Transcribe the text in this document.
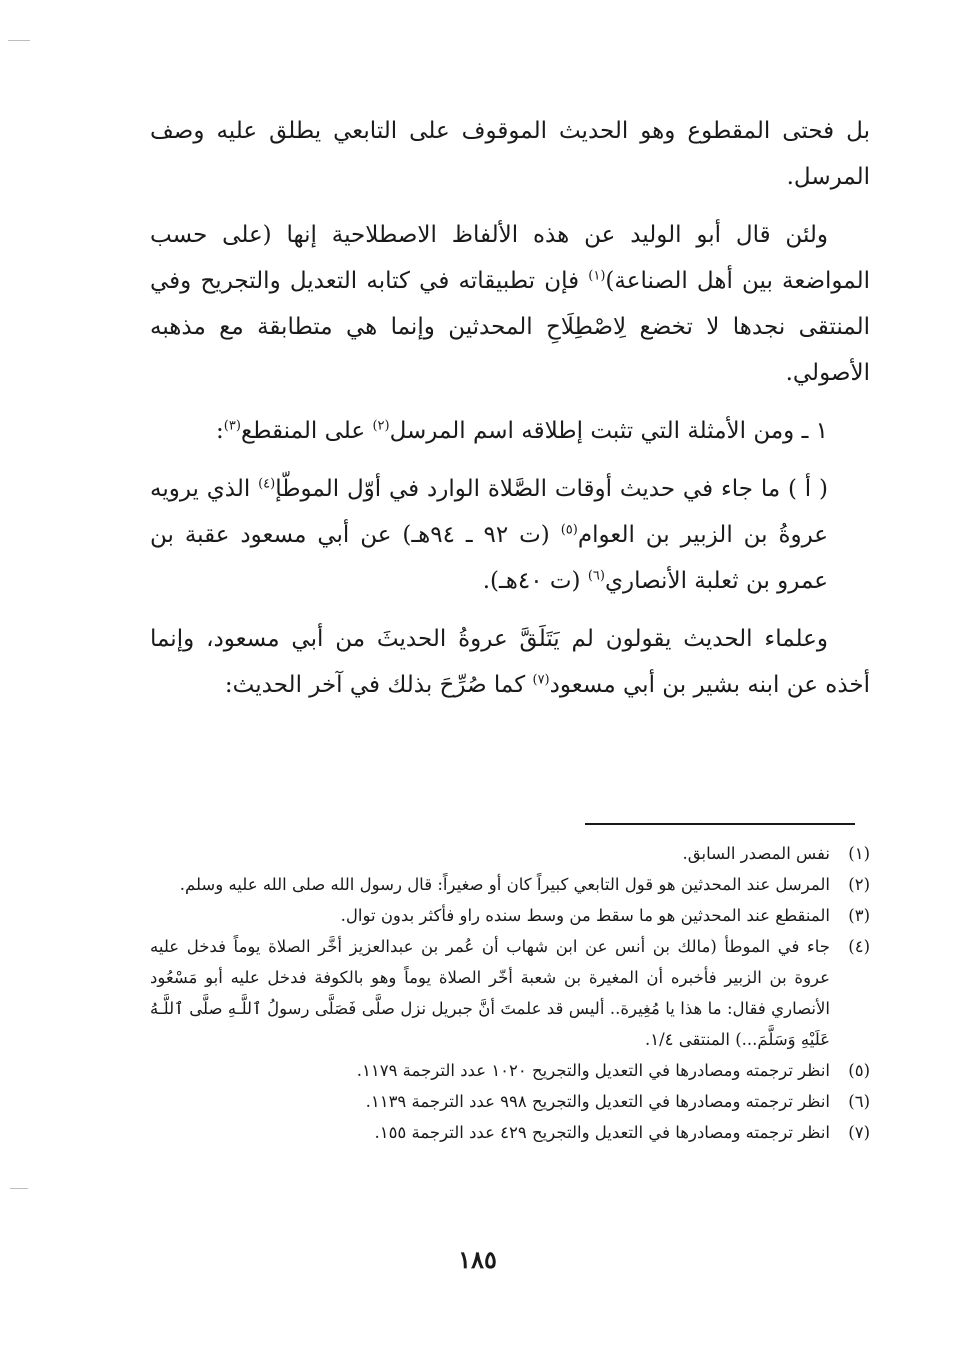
بل فحتى المقطوع وهو الحديث الموقوف على التابعي يطلق عليه وصف المرسل.

ولئن قال أبو الوليد عن هذه الألفاظ الاصطلاحية إنها (على حسب المواضعة بين أهل الصناعة)$^{(١)}$ فإن تطبيقاته في كتابه التعديل والتجريح وفي المنتقى نجدها لا تخضع لِاصْطِلَاحِ المحدثين وإنما هي متطابقة مع مذهبه الأصولي.

١ ـ ومن الأمثلة التي تثبت إطلاقه اسم المرسل$^{(٢)}$ على المنقطع$^{(٣)}$:

( أ ) ما جاء في حديث أوقات الصَّلاة الوارد في أوّل الموطّإ$^{(٤)}$ الذي يرويه عروةُ بن الزبير بن العوام$^{(٥)}$ (ت ٩٢ ـ ٩٤هـ) عن أبي مسعود عقبة بن عمرو بن ثعلبة الأنصاري$^{(٦)}$ (ت ٤٠هـ).

وعلماء الحديث يقولون لم يَتَلَقَّ عروةُ الحديثَ من أبي مسعود، وإنما أخذه عن ابنه بشير بن أبي مسعود$^{(٧)}$ كما صُرِّحَ بذلك في آخر الحديث:

(١)
نفس المصدر السابق.
(٢)
المرسل عند المحدثين هو قول التابعي كبيراً كان أو صغيراً: قال رسول الله صلى الله عليه وسلم.
(٣)
المنقطع عند المحدثين هو ما سقط من وسط سنده راو فأكثر بدون توال.
(٤)
جاء في الموطأ (مالك بن أنس عن ابن شهاب أن عُمر بن عبدالعزيز أخَّر الصلاة يوماً فدخل عليه عروة بن الزبير فأخبره أن المغيرة بن شعبة أخّر الصلاة يوماً وهو بالكوفة فدخل عليه أبو مَسْعُود الأنصاري فقال: ما هذا يا مُغِيرة.. أليس قد علمتَ أنَّ جبريل نزل صلَّى فَصَلَّى رسولُ ٱللَّـهِ صلَّى ٱللَّـهُ عَلَيْهِ وَسَلَّمَ...) المنتقى ١/٤.
(٥)
انظر ترجمته ومصادرها في التعديل والتجريح ١٠٢٠ عدد الترجمة ١١٧٩.
(٦)
انظر ترجمته ومصادرها في التعديل والتجريح ٩٩٨ عدد الترجمة ١١٣٩.
(٧)
انظر ترجمته ومصادرها في التعديل والتجريح ٤٢٩ عدد الترجمة ١٥٥.
١٨٥
